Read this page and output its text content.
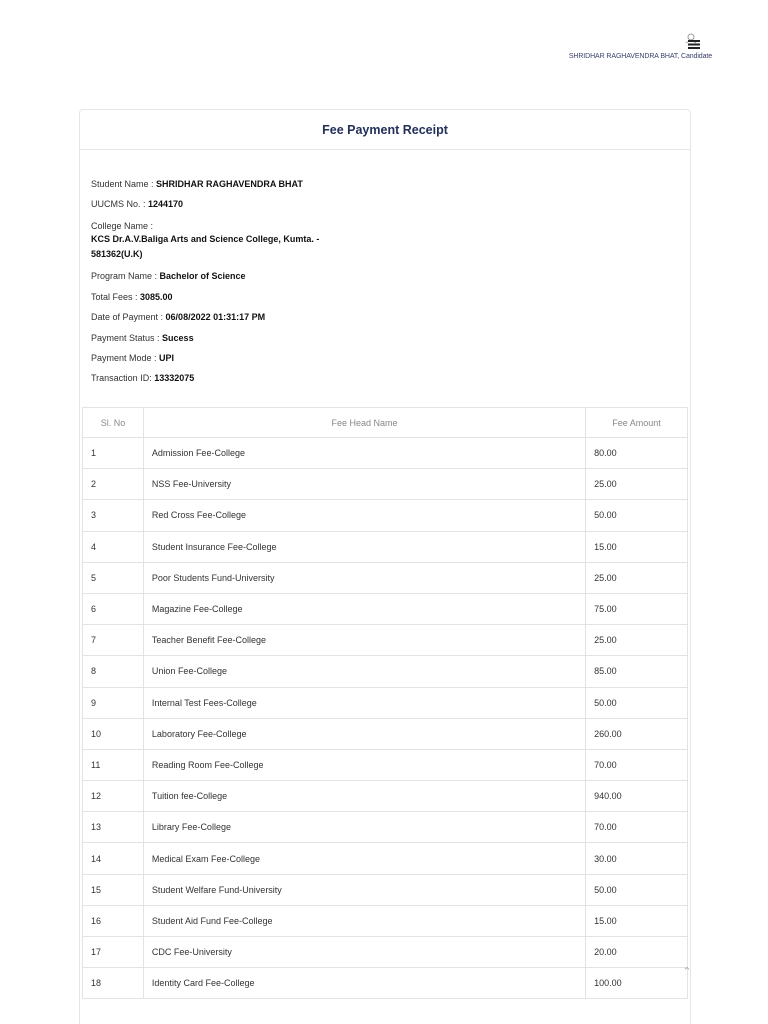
SHRIDHAR RAGHAVENDRA BHAT, Candidate
Fee Payment Receipt
Student Name : SHRIDHAR RAGHAVENDRA BHAT
UUCMS No. : 1244170
College Name :
KCS Dr.A.V.Baliga Arts and Science College, Kumta. -
581362(U.K)
Program Name : Bachelor of Science
Total Fees : 3085.00
Date of Payment : 06/08/2022 01:31:17 PM
Payment Status : Sucess
Payment Mode : UPI
Transaction ID: 13332075
Sl. No	Fee Head Name	Fee Amount
1	Admission Fee-College	80.00
2	NSS Fee-University	25.00
3	Red Cross Fee-College	50.00
4	Student Insurance Fee-College	15.00
5	Poor Students Fund-University	25.00
6	Magazine Fee-College	75.00
7	Teacher Benefit Fee-College	25.00
8	Union Fee-College	85.00
9	Internal Test Fees-College	50.00
10	Laboratory Fee-College	260.00
11	Reading Room Fee-College	70.00
12	Tuition fee-College	940.00
13	Library Fee-College	70.00
14	Medical Exam Fee-College	30.00
15	Student Welfare Fund-University	50.00
16	Student Aid Fund Fee-College	15.00
17	CDC Fee-University	20.00
18	Identity Card Fee-College	100.00
⌃
